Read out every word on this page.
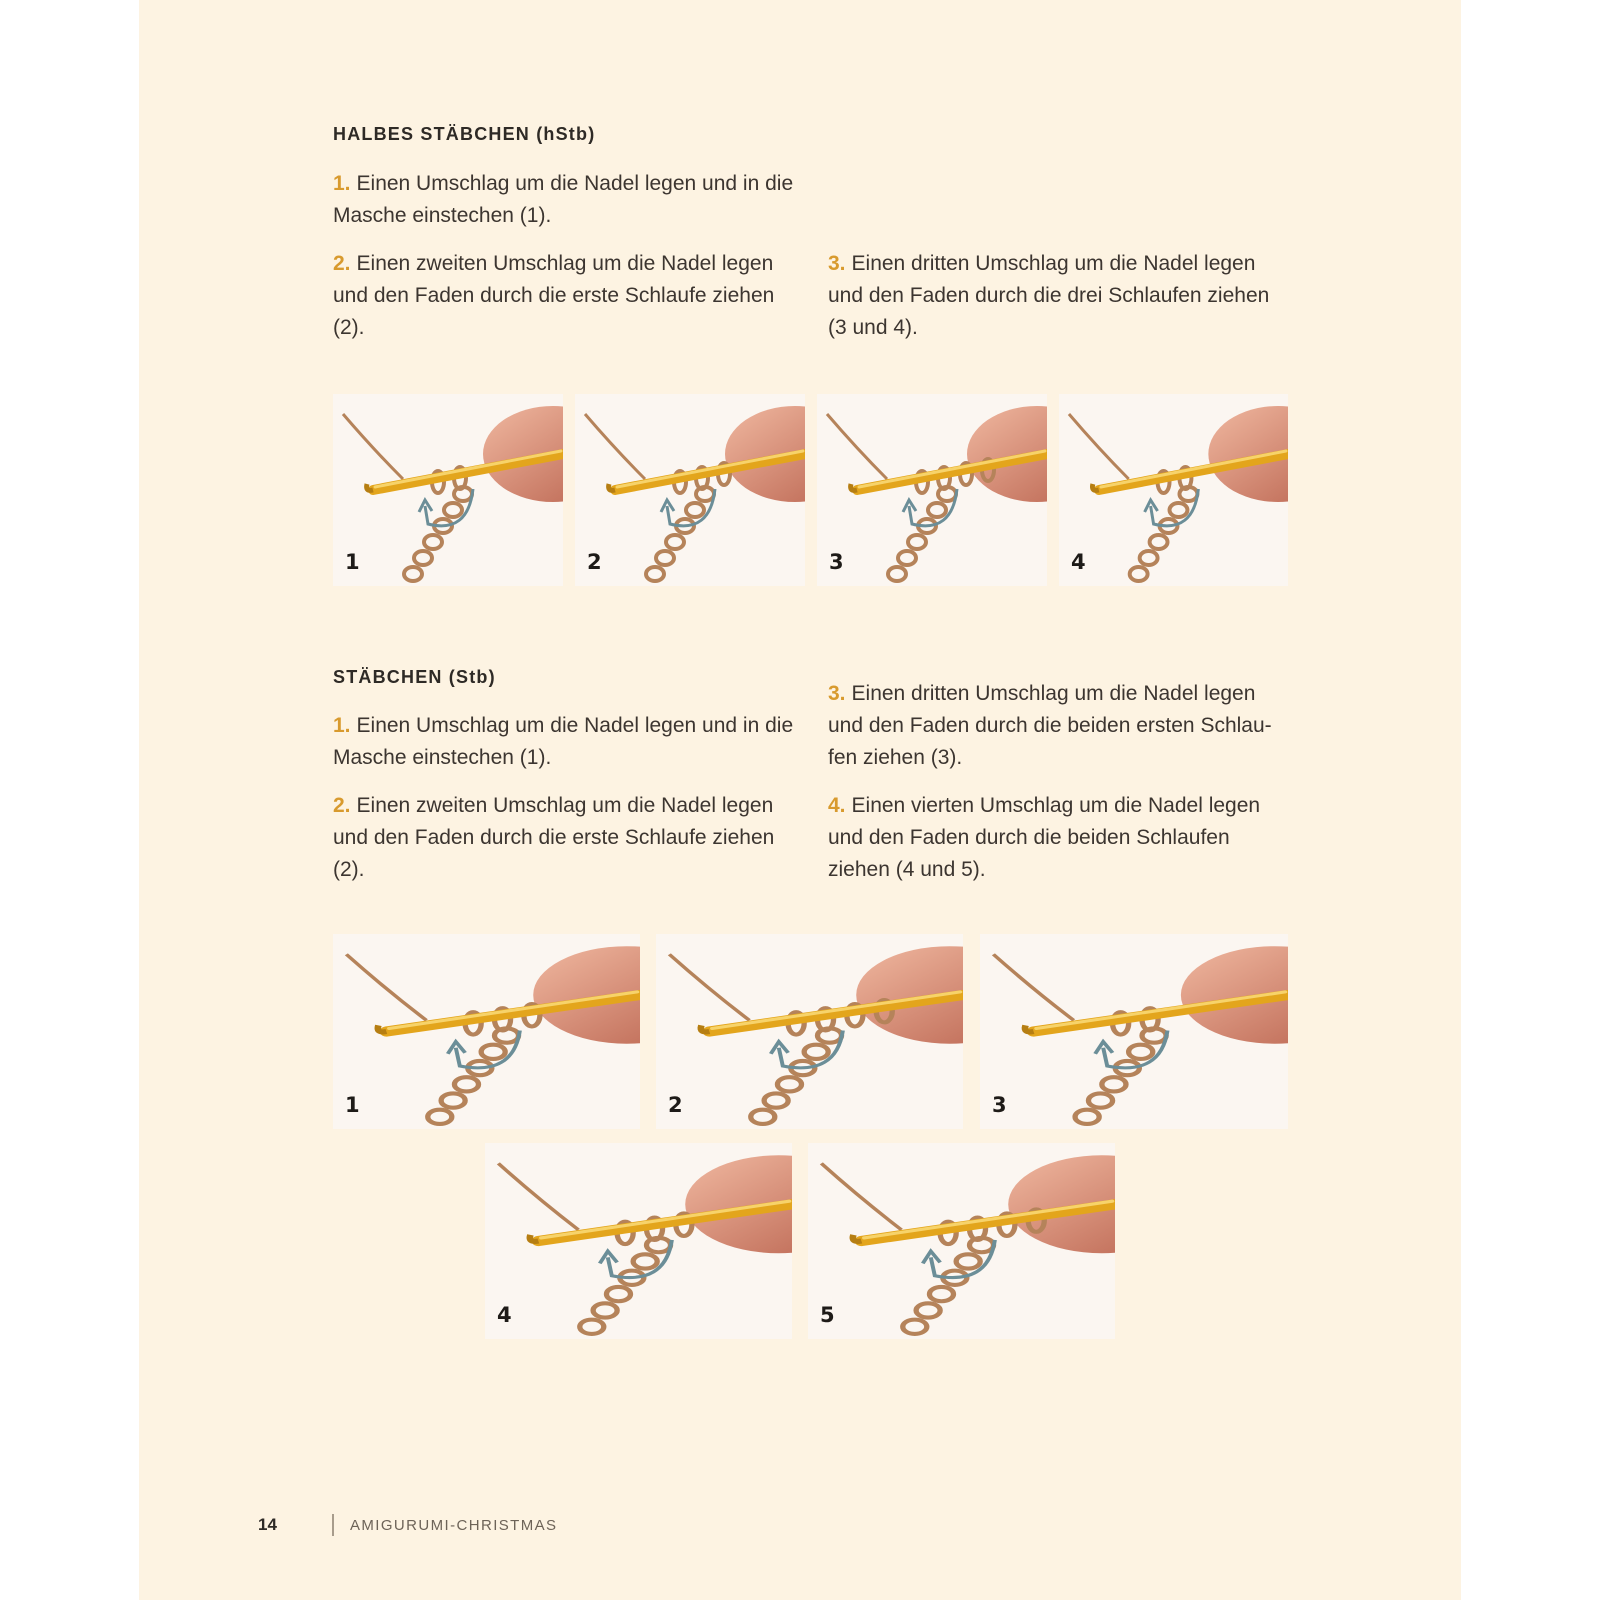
HALBES STÄBCHEN (hStb)

1. Einen Umschlag um die Nadel legen und in die Masche einstechen (1).

2. Einen zweiten Umschlag um die Nadel legen und den Faden durch die erste Schlaufe ziehen (2).

3. Einen dritten Umschlag um die Nadel legen und den Faden durch die drei Schlaufen ziehen (3 und 4).

1	2	3	4
STÄBCHEN (Stb)

1. Einen Umschlag um die Nadel legen und in die Masche einstechen (1).

2. Einen zweiten Umschlag um die Nadel legen und den Faden durch die erste Schlaufe ziehen (2).

3. Einen dritten Umschlag um die Nadel legen und den Faden durch die beiden ersten Schlau-fen ziehen (3).

4. Einen vierten Umschlag um die Nadel legen und den Faden durch die beiden Schlaufen ziehen (4 und 5).

1	2	3
4	5
14	AMIGURUMI-CHRISTMAS
